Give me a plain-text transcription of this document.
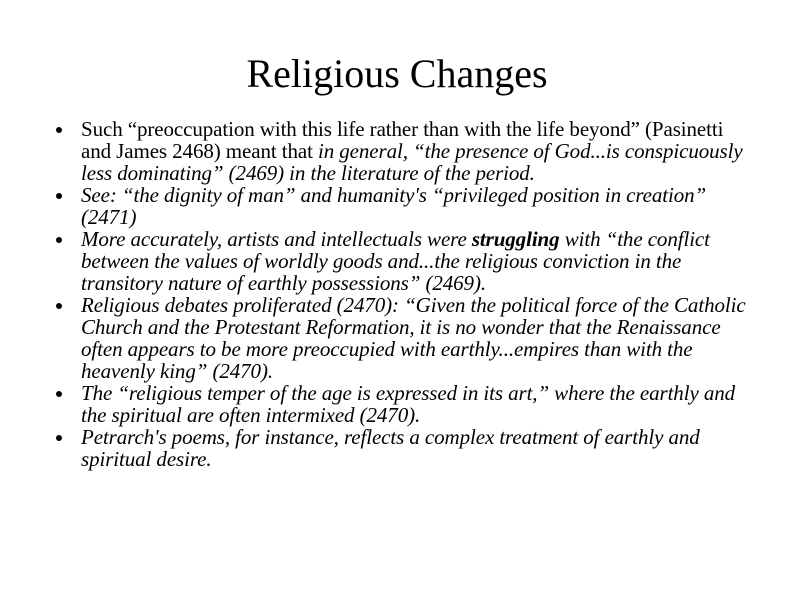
Religious Changes
Such “preoccupation with this life rather than with the life beyond” (Pasinetti and James 2468) meant that in general, “the presence of God...is conspicuously less dominating” (2469) in the literature of the period.
See: “the dignity of man” and humanity's “privileged position in creation” (2471)
More accurately, artists and intellectuals were struggling with “the conflict between the values of worldly goods and...the religious conviction in the transitory nature of earthly possessions” (2469).
Religious debates proliferated (2470): “Given the political force of the Catholic Church and the Protestant Reformation, it is no wonder that the Renaissance often appears to be more preoccupied with earthly...empires than with the heavenly king” (2470).
The “religious temper of the age is expressed in its art,” where the earthly and the spiritual are often intermixed (2470).
Petrarch's poems, for instance, reflects a complex treatment of earthly and spiritual desire.
